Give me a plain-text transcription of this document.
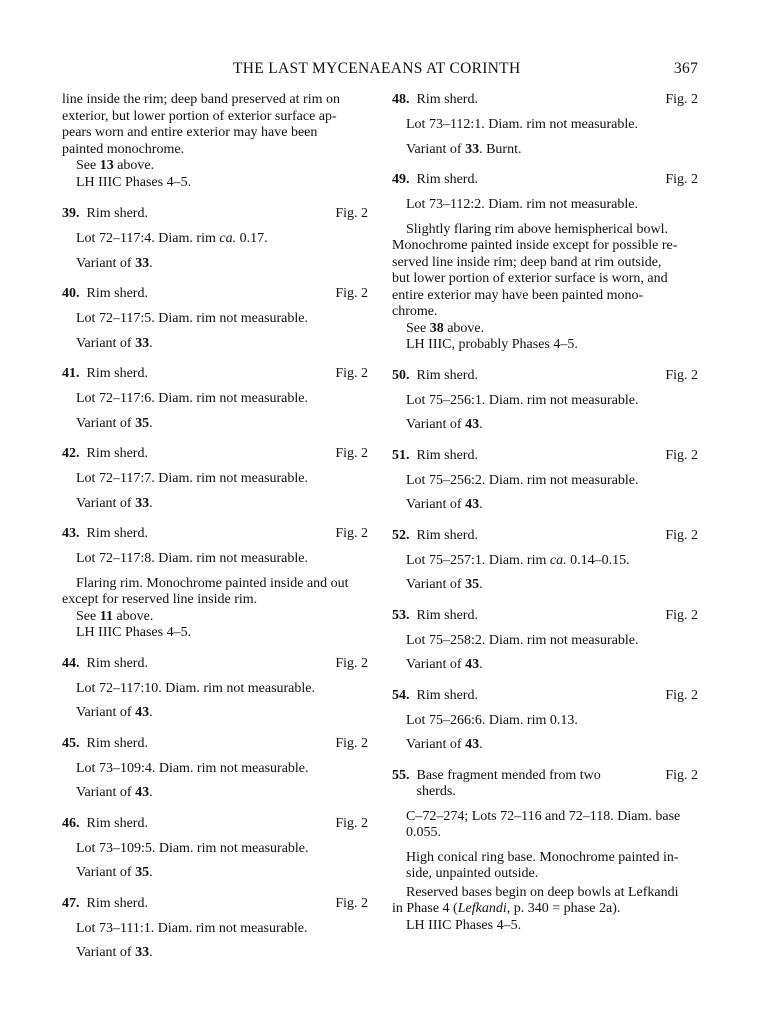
THE LAST MYCENAEANS AT CORINTH	367
line inside the rim; deep band preserved at rim on
exterior, but lower portion of exterior surface ap-
pears worn and entire exterior may have been
painted monochrome.
See 13 above.
LH IIIC Phases 4–5.
39. Rim sherd.	Fig. 2
Lot 72–117:4. Diam. rim ca. 0.17.
Variant of 33.
40. Rim sherd.	Fig. 2
Lot 72–117:5. Diam. rim not measurable.
Variant of 33.
41. Rim sherd.	Fig. 2
Lot 72–117:6. Diam. rim not measurable.
Variant of 35.
42. Rim sherd.	Fig. 2
Lot 72–117:7. Diam. rim not measurable.
Variant of 33.
43. Rim sherd.	Fig. 2
Lot 72–117:8. Diam. rim not measurable.
Flaring rim. Monochrome painted inside and out
except for reserved line inside rim.
See 11 above.
LH IIIC Phases 4–5.
44. Rim sherd.	Fig. 2
Lot 72–117:10. Diam. rim not measurable.
Variant of 43.
45. Rim sherd.	Fig. 2
Lot 73–109:4. Diam. rim not measurable.
Variant of 43.
46. Rim sherd.	Fig. 2
Lot 73–109:5. Diam. rim not measurable.
Variant of 35.
47. Rim sherd.	Fig. 2
Lot 73–111:1. Diam. rim not measurable.
Variant of 33.
48. Rim sherd.	Fig. 2
Lot 73–112:1. Diam. rim not measurable.
Variant of 33. Burnt.
49. Rim sherd.	Fig. 2
Lot 73–112:2. Diam. rim not measurable.
Slightly flaring rim above hemispherical bowl.
Monochrome painted inside except for possible re-
served line inside rim; deep band at rim outside,
but lower portion of exterior surface is worn, and
entire exterior may have been painted mono-
chrome.
See 38 above.
LH IIIC, probably Phases 4–5.
50. Rim sherd.	Fig. 2
Lot 75–256:1. Diam. rim not measurable.
Variant of 43.
51. Rim sherd.	Fig. 2
Lot 75–256:2. Diam. rim not measurable.
Variant of 43.
52. Rim sherd.	Fig. 2
Lot 75–257:1. Diam. rim ca. 0.14–0.15.
Variant of 35.
53. Rim sherd.	Fig. 2
Lot 75–258:2. Diam. rim not measurable.
Variant of 43.
54. Rim sherd.	Fig. 2
Lot 75–266:6. Diam. rim 0.13.
Variant of 43.
55. Base fragment mended from two
sherds.
Fig. 2
C–72–274; Lots 72–116 and 72–118. Diam. base
0.055.
High conical ring base. Monochrome painted in-
side, unpainted outside.
Reserved bases begin on deep bowls at Lefkandi
in Phase 4 (Lefkandi, p. 340 = phase 2a).
LH IIIC Phases 4–5.
